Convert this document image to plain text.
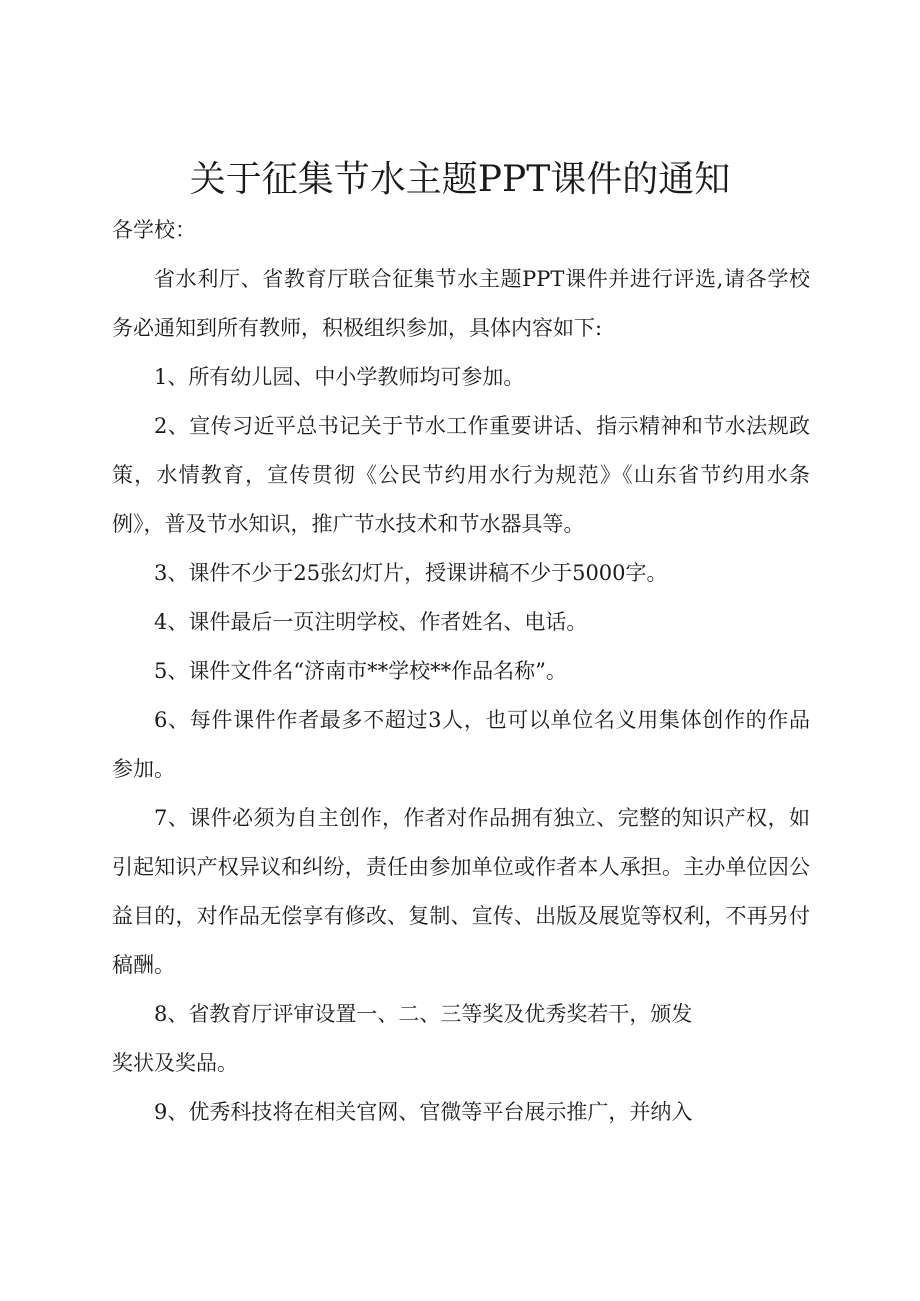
关于征集节水主题PPT课件的通知

各学校：

省水利厅、省教育厅联合征集节水主题PPT课件并进行评选,请各学校务必通知到所有教师，积极组织参加，具体内容如下:

1、所有幼儿园、中小学教师均可参加。

2、宣传习近平总书记关于节水工作重要讲话、指示精神和节水法规政策，水情教育，宣传贯彻《公民节约用水行为规范》《山东省节约用水条例》，普及节水知识，推广节水技术和节水器具等。

3、课件不少于25张幻灯片，授课讲稿不少于5000字。

4、课件最后一页注明学校、作者姓名、电话。

5、课件文件名“济南市**学校**作品名称”。

6、每件课件作者最多不超过3人，也可以单位名义用集体创作的作品参加。

7、课件必须为自主创作，作者对作品拥有独立、完整的知识产权，如引起知识产权异议和纠纷，责任由参加单位或作者本人承担。主办单位因公益目的，对作品无偿享有修改、复制、宣传、出版及展览等权利，不再另付稿酬。

8、省教育厅评审设置一、二、三等奖及优秀奖若干，颁发

奖状及奖品。

9、优秀科技将在相关官网、官微等平台展示推广，并纳入
